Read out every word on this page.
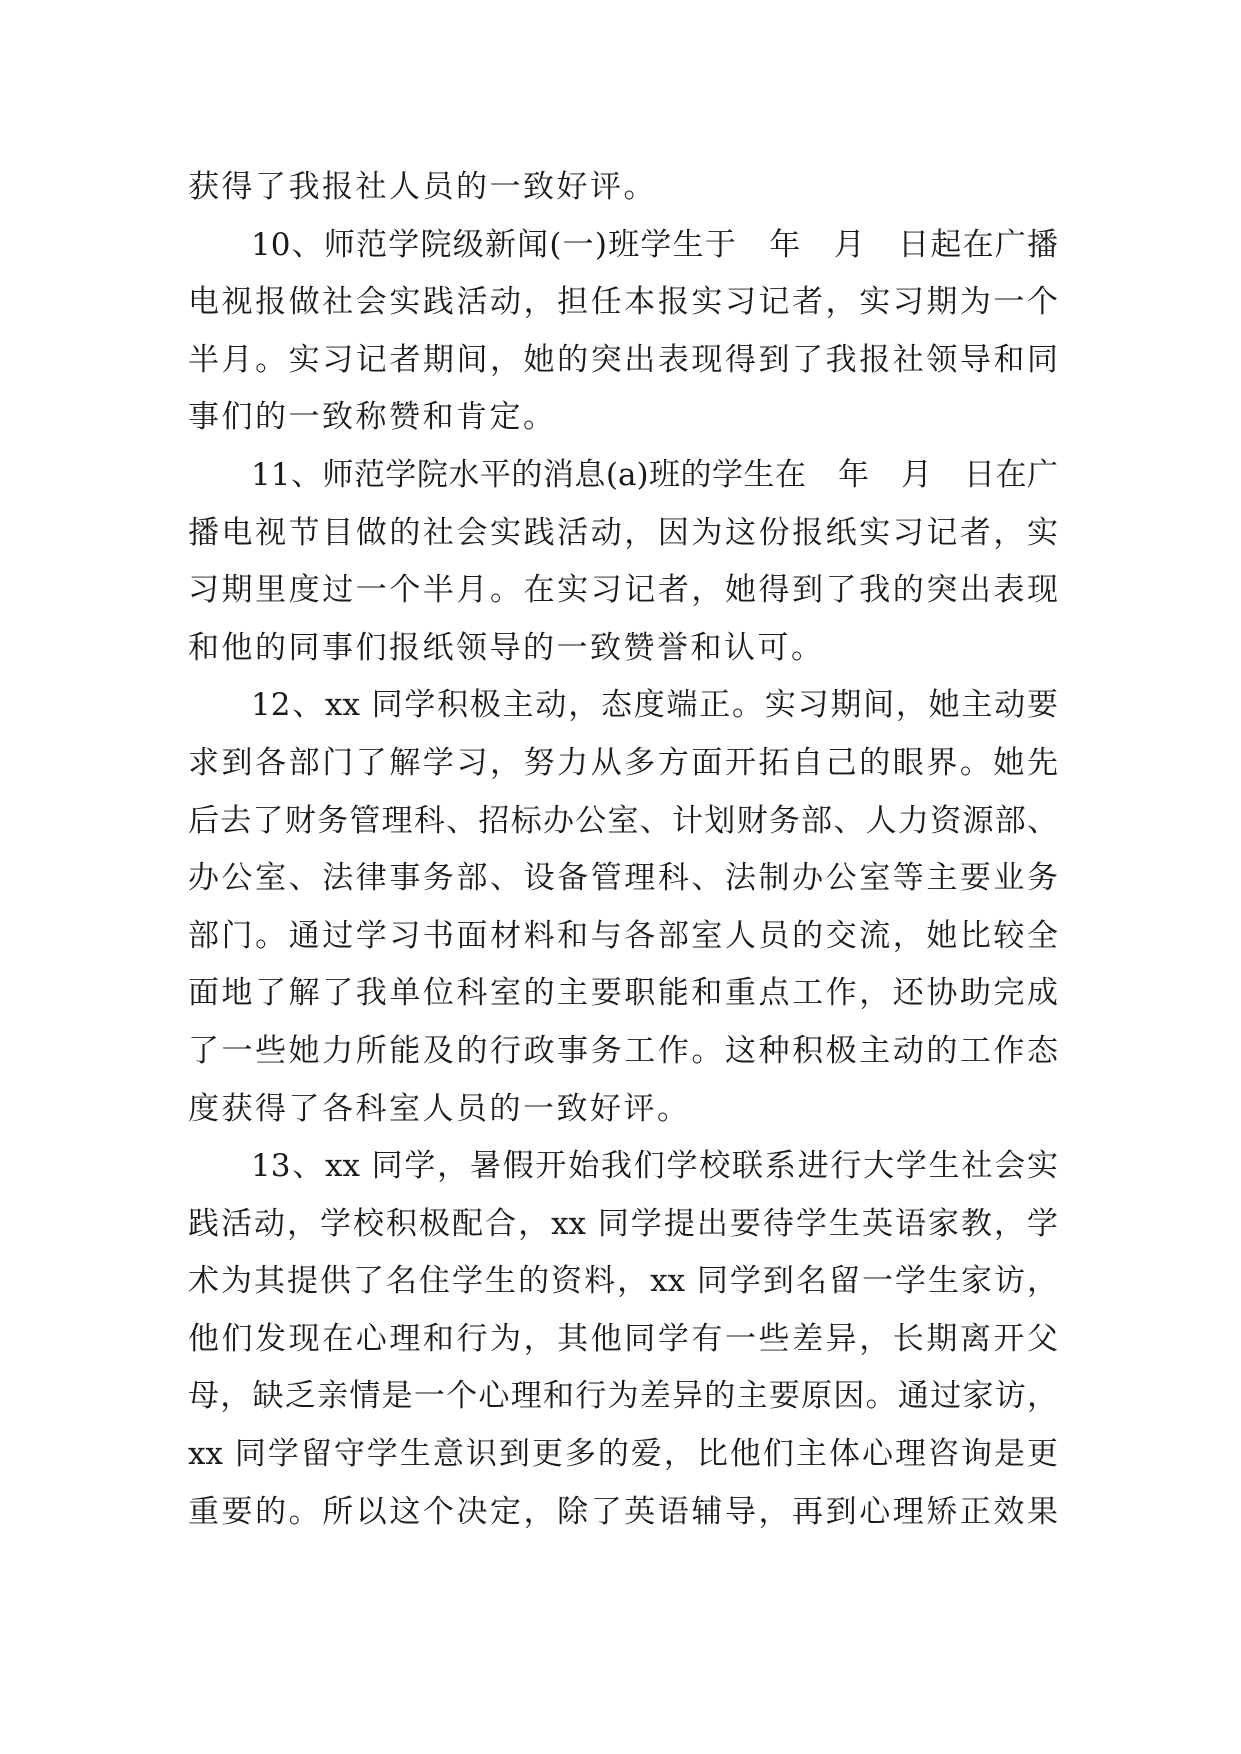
获得了我报社人员的一致好评。
10、师范学院级新闻(一)班学生于　年　月　日起在广播
电视报做社会实践活动，担任本报实习记者，实习期为一个
半月。实习记者期间，她的突出表现得到了我报社领导和同
事们的一致称赞和肯定。
11、师范学院水平的消息(a)班的学生在　年　月　日在广
播电视节目做的社会实践活动，因为这份报纸实习记者，实
习期里度过一个半月。在实习记者，她得到了我的突出表现
和他的同事们报纸领导的一致赞誉和认可。
12、xx 同学积极主动，态度端正。实习期间，她主动要
求到各部门了解学习，努力从多方面开拓自己的眼界。她先
后去了财务管理科、招标办公室、计划财务部、人力资源部、
办公室、法律事务部、设备管理科、法制办公室等主要业务
部门。通过学习书面材料和与各部室人员的交流，她比较全
面地了解了我单位科室的主要职能和重点工作，还协助完成
了一些她力所能及的行政事务工作。这种积极主动的工作态
度获得了各科室人员的一致好评。
13、xx 同学，暑假开始我们学校联系进行大学生社会实
践活动，学校积极配合，xx 同学提出要待学生英语家教，学
术为其提供了名住学生的资料，xx 同学到名留一学生家访，
他们发现在心理和行为，其他同学有一些差异，长期离开父
母，缺乏亲情是一个心理和行为差异的主要原因。通过家访，
xx 同学留守学生意识到更多的爱，比他们主体心理咨询是更
重要的。所以这个决定，除了英语辅导，再到心理矫正效果
